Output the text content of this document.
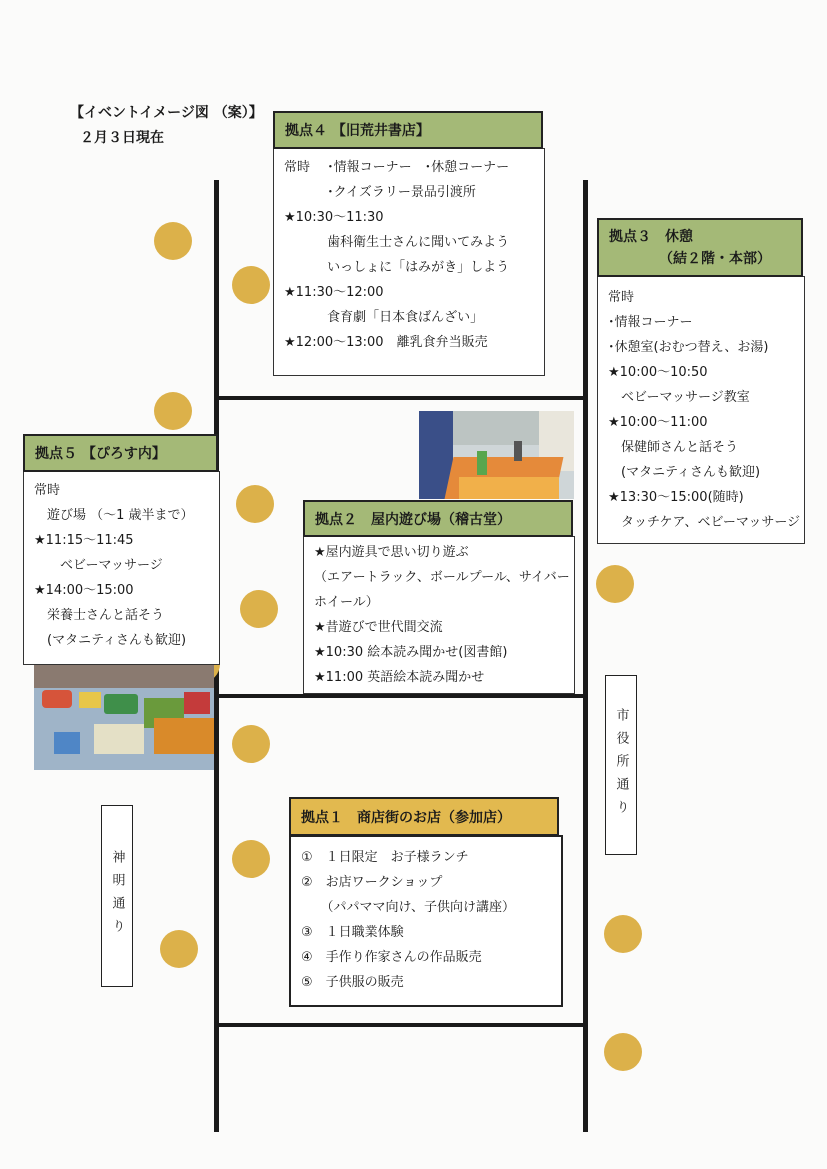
【イベントイメージ図 （案）】
２月３日現在
常時　 ･情報コーナー　･休憩コーナー
　　　 ･クイズラリー景品引渡所
★10:30～11:30
　　　 歯科衛生士さんに聞いてみよう
　　　 いっしょに「はみがき」しよう
★11:30～12:00
　　　 食育劇「日本食ばんざい」
★12:00～13:00　離乳食弁当販売
拠点４ 【旧荒井書店】
常時
･情報コーナー
･休憩室(おむつ替え、お湯)
★10:00～10:50
　ベビーマッサージ教室
★10:00～11:00
　保健師さんと話そう
　(マタニティさんも歓迎)
★13:30～15:00(随時)
　タッチケア、ベビーマッサージ
拠点３　休憩
（結２階・本部）
常時
　遊び場 （～1 歳半まで）
★11:15～11:45
　　ベビーマッサージ
★14:00～15:00
　栄養士さんと話そう
　(マタニティさんも歓迎)
拠点５ 【ぴろす内】
★屋内遊具で思い切り遊ぶ
（エアートラック、ボールプール、サイバー
ホイール）
★昔遊びで世代間交流
★10:30 絵本読み聞かせ(図書館)
★11:00 英語絵本読み聞かせ
拠点２　屋内遊び場（稽古堂）
①　１日限定　お子様ランチ
②　お店ワークショップ
　　（パパママ向け、子供向け講座）
③　１日職業体験
④　手作り作家さんの作品販売
⑤　子供服の販売
拠点１　商店街のお店（参加店）
神明通り
市役所通り
